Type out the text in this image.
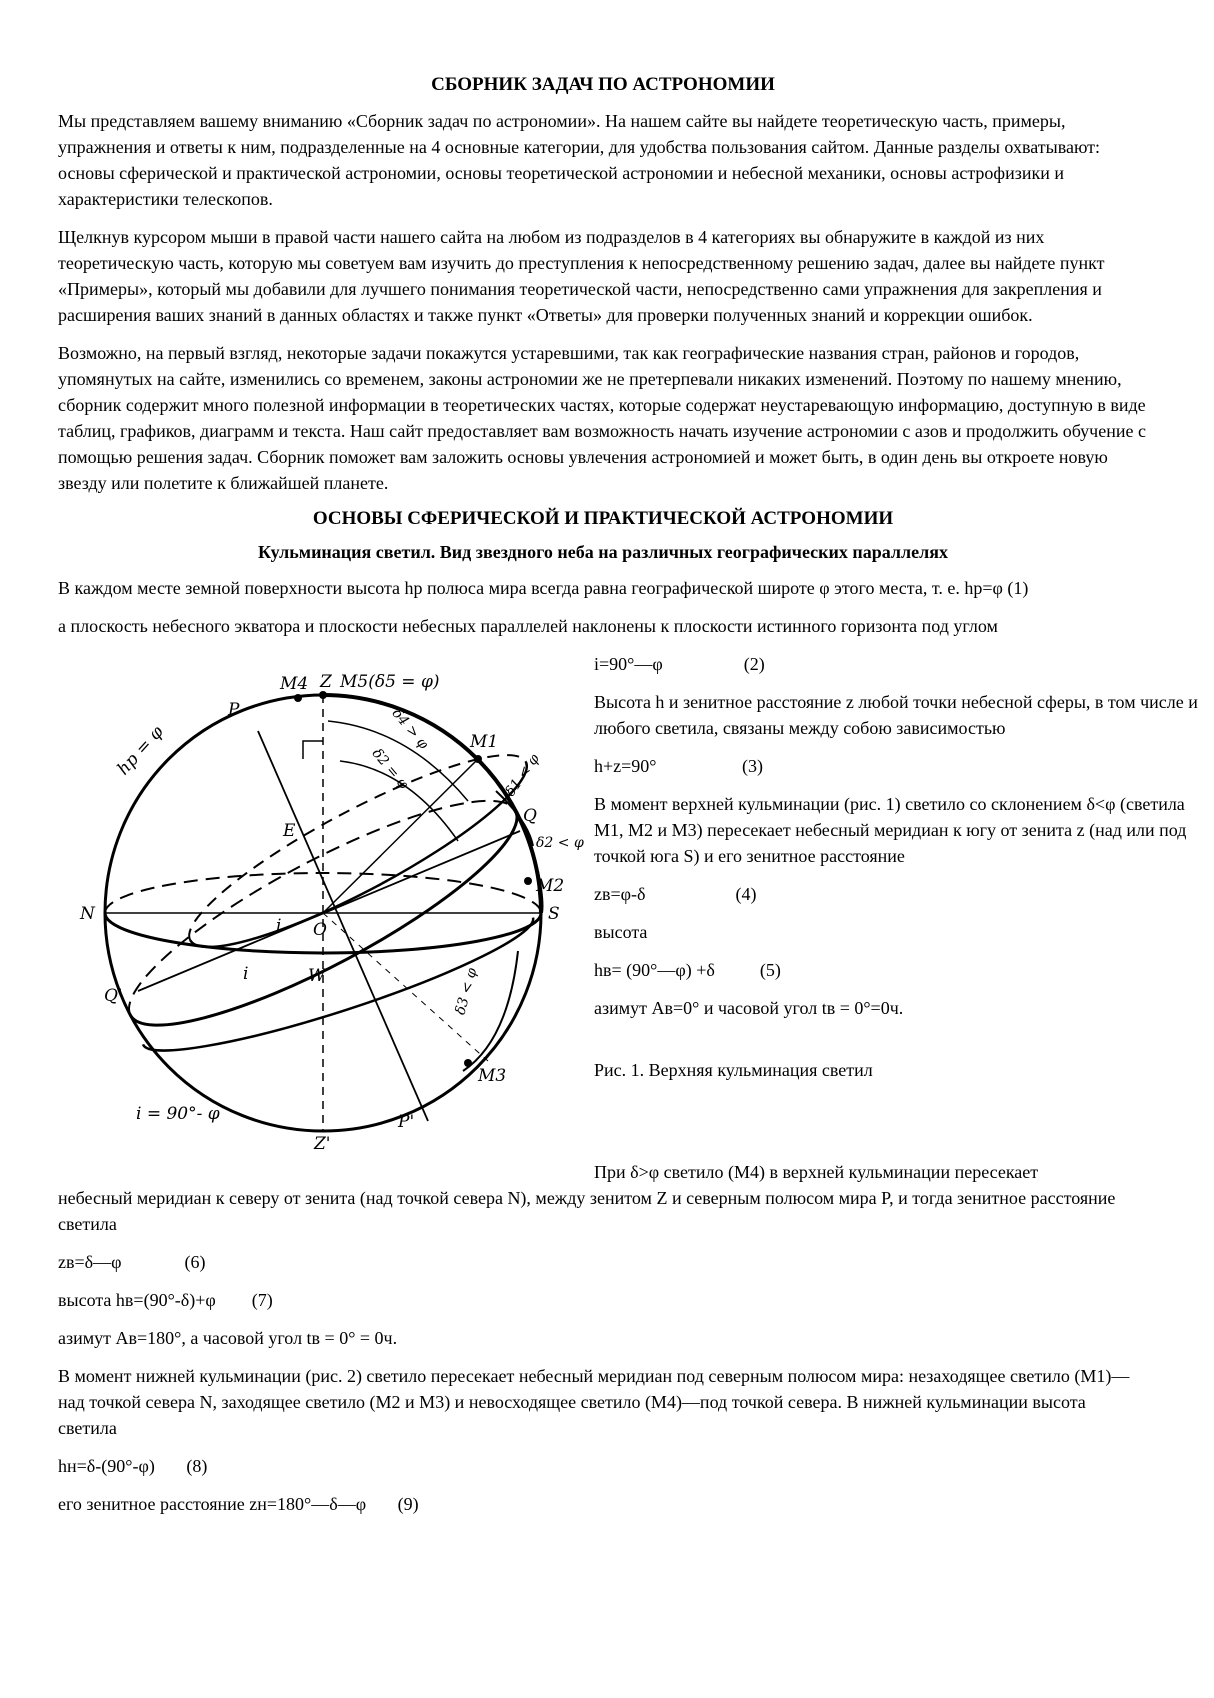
СБОРНИК ЗАДАЧ ПО АСТРОНОМИИ

Мы представляем вашему вниманию «Сборник задач по астрономии». На нашем сайте вы найдете теоретическую часть, примеры, упражнения и ответы к ним, подразделенные на 4 основные категории, для удобства пользования сайтом. Данные разделы охватывают: основы сферической и практической астрономии, основы теоретической астрономии и небесной механики, основы астрофизики и характеристики телескопов.

Щелкнув курсором мыши в правой части нашего сайта на любом из подразделов в 4 категориях вы обнаружите в каждой из них теоретическую часть, которую мы советуем вам изучить до преступления к непосредственному решению задач, далее вы найдете пункт «Примеры», который мы добавили для лучшего понимания теоретической части, непосредственно сами упражнения для закрепления и расширения ваших знаний в данных областях и также пункт «Ответы» для проверки полученных знаний и коррекции ошибок.

Возможно, на первый взгляд, некоторые задачи покажутся устаревшими, так как географические названия стран, районов и городов, упомянутых на сайте, изменились со временем, законы астрономии же не претерпевали никаких изменений. Поэтому по нашему мнению, сборник содержит много полезной информации в теоретических частях, которые содержат неустаревающую информацию, доступную в виде таблиц, графиков, диаграмм и текста. Наш сайт предоставляет вам возможность начать изучение астрономии с азов и продолжить обучение с помощью решения задач. Сборник поможет вам заложить основы увлечения астрономией и может быть, в один день вы откроете новую звезду или полетите к ближайшей планете.

ОСНОВЫ СФЕРИЧЕСКОЙ И ПРАКТИЧЕСКОЙ АСТРОНОМИИ
Кульминация светил. Вид звездного неба на различных географических параллелях

В каждом месте земной поверхности высота hp полюса мира всегда равна географической широте φ этого места, т. е. hp=φ (1)

а плоскость небесного экватора и плоскости небесных параллелей наклонены к плоскости истинного горизонта под углом

M4 Z M5(δ5 = φ)
P
M1
hp = φ	δ4 > φ
δ2 = φ	δ1 < φ
Q
δ2 < φ
E
M2
N
O
S
i
i	W
Q'	δ3 < φ
M3
i = 90°- φ	P'
Z'

i=90°—φ                  (2)

Высота h и зенитное расстояние z любой точки небесной сферы, в том числе и любого светила, связаны между собою зависимостью

h+z=90°                   (3)

В момент верхней кульминации (рис. 1) светило со склонением δ<φ (светила М1, М2 и М3) пересекает небесный меридиан к югу от зенита z (над или под точкой юга S) и его зенитное расстояние

zв=φ-δ                    (4)

высота

hв= (90°—φ) +δ          (5)

азимут Aв=0° и часовой угол tв = 0°=0ч.

Рис. 1. Верхняя кульминация светил

При δ>φ светило (М4) в верхней кульминации пересекает
небесный меридиан к северу от зенита (над точкой севера N), между зенитом Z и северным полюсом мира P, и тогда зенитное расстояние светила

zв=δ—φ              (6)

высота hв=(90°-δ)+φ        (7)

азимут Aв=180°, а часовой угол tв = 0° = 0ч.

В момент нижней кульминации (рис. 2) светило пересекает небесный меридиан под северным полюсом мира: незаходящее светило (М1)—над точкой севера N, заходящее светило (М2 и М3) и невосходящее светило (М4)—под точкой севера. В нижней кульминации высота светила

hн=δ-(90°-φ)       (8)

его зенитное расстояние zн=180°—δ—φ       (9)
